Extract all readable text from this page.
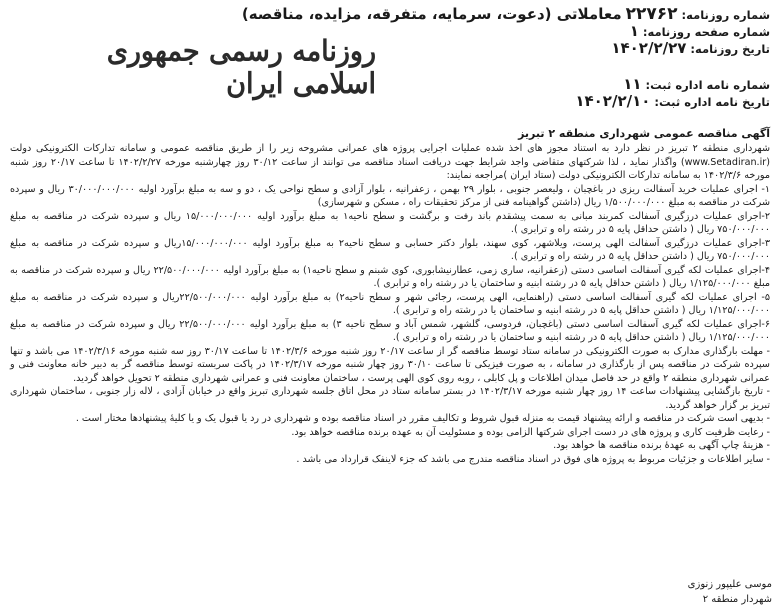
شماره روزنامه: ۲۲۷۶۲ معاملاتی (دعوت، سرمایه، متفرقه، مزایده، مناقصه)
شماره صفحه روزنامه: ۱
تاریخ روزنامه: ۱۴۰۲/۲/۲۷
روزنامه رسمی جمهوری اسلامی ایران	شماره نامه اداره ثبت: ۱۱
تاریخ نامه اداره ثبت: ۱۴۰۲/۲/۱۰
آگهی مناقصه عمومی شهرداری منطقه ۲ تبریز

شهرداری منطقه ۲ تبریز در نظر دارد به استناد مجوز های اخذ شده عملیات اجرایی پروژه های عمرانی مشروحه زیر را از طریق مناقصه عمومی و سامانه تدارکات الکترونیکی دولت (www.Setadiran.ir) واگذار نماید ، لذا شرکتهای متقاضی واجد شرایط جهت دریافت اسناد مناقصه می توانند از ساعت ۳۰/۱۲ روز چهارشنبه مورخه ۱۴۰۲/۲/۲۷ تا ساعت ۲۰/۱۷ روز شنبه مورخه ۱۴۰۲/۳/۶ به سامانه تدارکات الکترونیکی دولت (ستاد ایران )مراجعه نمایند:

۱- اجرای عملیات خرید آسفالت ریزی در باغچبان ، ولیعصر جنوبی ، بلوار ۲۹ بهمن ، زعفرانیه ، بلوار آزادی و سطح نواحی یک ، دو و سه به مبلغ برآورد اولیه ۳۰/۰۰۰/۰۰۰/۰۰۰ ریال و سپرده شرکت در مناقصه به مبلغ ۱/۵۰۰/۰۰۰/۰۰۰ ریال (داشتن گواهینامه فنی از مرکز تحقیقات راه ، مسکن و شهرسازی)

۲-اجرای عملیات درزگیری آسفالت کمربند مبانی به سمت پیشقدم باند رفت و برگشت و سطح ناحیه۱ به مبلغ برآورد اولیه ۱۵/۰۰۰/۰۰۰/۰۰۰ ریال و سپرده شرکت در مناقصه به مبلغ ۷۵۰/۰۰۰/۰۰۰ ریال ( داشتن حداقل پایه ۵ در رشته راه و ترابری ).

۳-اجرای عملیات درزگیری آسفالت الهی پرست، ویلاشهر، کوی سهند، بلوار دکتر حسابی و سطح ناحیه۲ به مبلغ برآورد اولیه ۱۵/۰۰۰/۰۰۰/۰۰۰ریال و سپرده شرکت در مناقصه به مبلغ ۷۵۰/۰۰۰/۰۰۰ ریال ( داشتن حداقل پایه ۵ در رشته راه و ترابری ).

۴-اجرای عملیات لکه گیری آسفالت اساسی دستی (زعفرانیه، ساری زمی، عطارنیشابوری، کوی شبنم و سطح ناحیه۱) به مبلغ برآورد اولیه ۲۲/۵۰۰/۰۰۰/۰۰۰ ریال و سپرده شرکت در مناقصه به مبلغ ۱/۱۲۵/۰۰۰/۰۰۰ ریال ( داشتن حداقل پایه ۵ در رشته ابنیه و ساختمان یا در رشته راه و ترابری ).

۵- اجرای عملیات لکه گیری آسفالت اساسی دستی (راهنمایی، الهی پرست، رجائی شهر و سطح ناحیه۲) به مبلغ برآورد اولیه ۲۲/۵۰۰/۰۰۰/۰۰۰ریال و سپرده شرکت در مناقصه به مبلغ ۱/۱۲۵/۰۰۰/۰۰۰ ریال ( داشتن حداقل پایه ۵ در رشته ابنیه و ساختمان یا در رشته راه و ترابری ).

۶-اجرای عملیات لکه گیری آسفالت اساسی دستی (باغچبان، فردوسی، گلشهر، شمس آباد و سطح ناحیه ۳) به مبلغ برآورد اولیه ۲۲/۵۰۰/۰۰۰/۰۰۰ ریال و سپرده شرکت در مناقصه به مبلغ ۱/۱۲۵/۰۰۰/۰۰۰ ریال ( داشتن حداقل پایه ۵ در رشته ابنیه و ساختمان یا در رشته راه و ترابری ).

- مهلت بارگذاری مدارک به صورت الکترونیکی در سامانه ستاد توسط مناقصه گر از ساعت ۲۰/۱۷ روز شنبه مورخه ۱۴۰۲/۳/۶ تا ساعت ۳۰/۱۷ روز سه شنبه مورخه ۱۴۰۲/۳/۱۶ می باشد و تنها سپرده شرکت در مناقصه پس از بارگذاری در سامانه ، به صورت فیزیکی تا ساعت ۳۰/۱۰ روز چهار شنبه مورخه ۱۴۰۲/۳/۱۷ در پاکت سربسته توسط مناقصه گر به دبیر خانه معاونت فنی و عمرانی شهرداری منطقه ۲ واقع در حد فاصل میدان اطلاعات و پل کابلی ، روبه روی کوی الهی پرست ، ساختمان معاونت فنی و عمرانی شهرداری منطقه ۲ تحویل خواهد گردید.

- تاریخ بازگشایی پیشنهادات ساعت ۱۴ روز چهار شنبه مورخه ۱۴۰۲/۳/۱۷ در بستر سامانه ستاد در محل اتاق جلسه شهرداری تبریز واقع در خیابان آزادی ، لاله زار جنوبی ، ساختمان شهرداری تبریز بر گزار خواهد گردید.

- بدیهی است شرکت در مناقصه و ارائه پیشنهاد قیمت به منزله قبول شروط و تکالیف مقرر در اسناد مناقصه بوده و شهرداری در رد یا قبول یک و یا کلیهٔ پیشنهادها مختار است .

- رعایت ظرفیت کاری و پروژه های در دست اجرای شرکتها الزامی بوده و مسئولیت آن به عهده برنده مناقصه خواهد بود.

- هزینهٔ چاپ آگهی به عهدهٔ برنده مناقصه ها خواهد بود.

- سایر اطلاعات و جزئیات مربوط به پروژه های فوق در اسناد مناقصه مندرج می باشد که جزء لاینفک قرارداد می باشد .

موسی علیپور زنوزی
شهردار منطقه ۲
